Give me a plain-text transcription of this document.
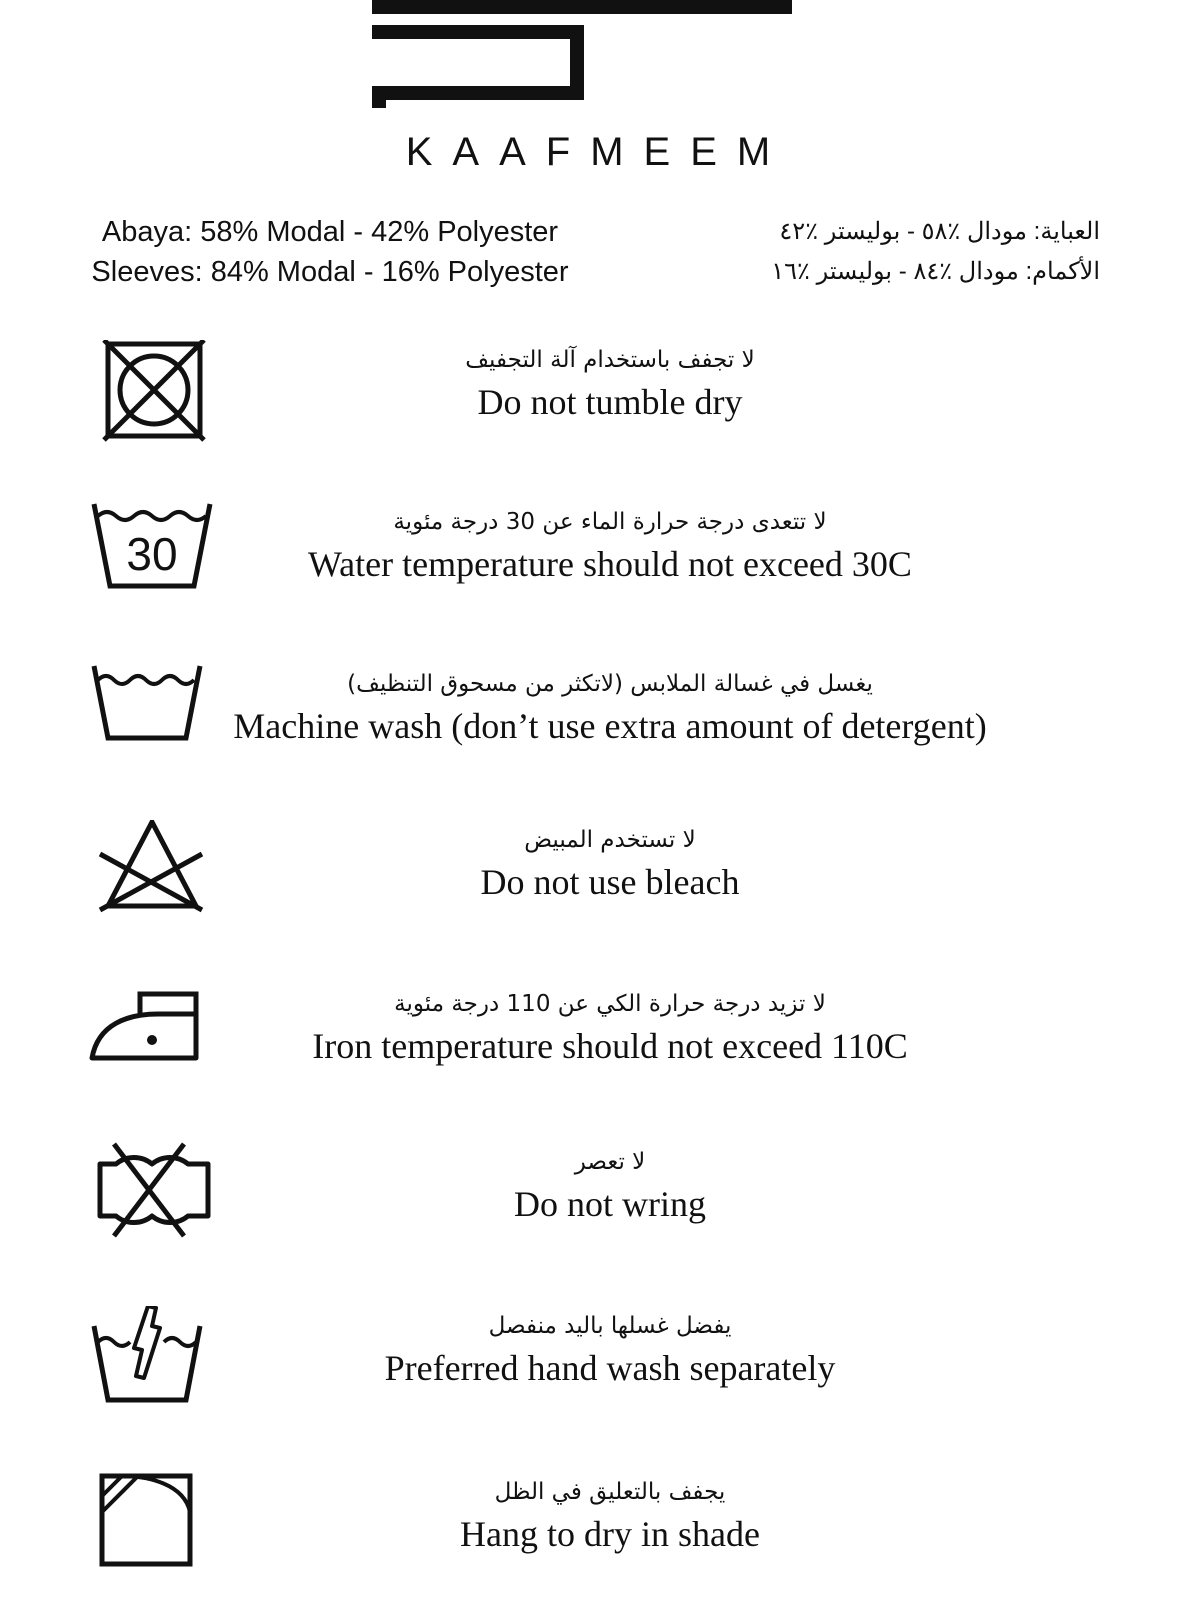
KAAFMEEM
Abaya: 58% Modal - 42% Polyester
Sleeves: 84% Modal - 16% Polyester
العباية: مودال ٪٥٨ - بوليستر ٪٤٢
الأكمام: مودال ٪٨٤ - بوليستر ٪١٦
لا تجفف باستخدام آلة التجفيف
Do not tumble dry
30
لا تتعدى درجة حرارة الماء عن 30 درجة مئوية
Water temperature should not exceed 30C
يغسل في غسالة الملابس (لاتكثر من مسحوق التنظيف)
Machine wash (don’t use extra amount of detergent)
لا تستخدم المبيض
Do not use bleach
لا تزيد درجة حرارة الكي عن 110 درجة مئوية
Iron temperature should not exceed 110C
لا تعصر
Do not wring
يفضل غسلها باليد منفصل
Preferred hand wash separately
يجفف بالتعليق في الظل
Hang to dry in shade
